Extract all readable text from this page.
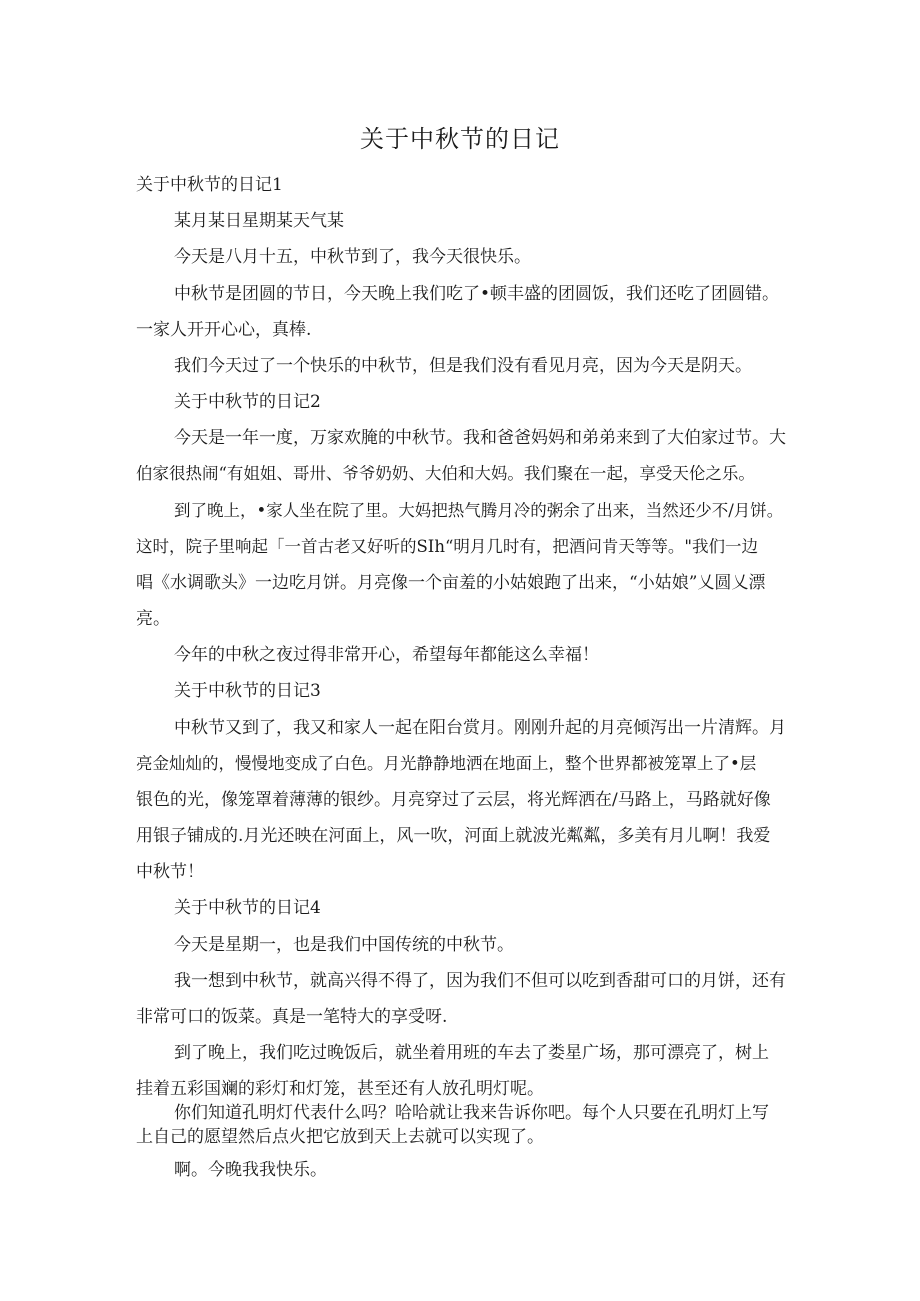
关于中秋节的日记

关于中秋节的日记1

某月某日星期某天气某

今天是八月十五，中秋节到了，我今天很快乐。

中秋节是团圆的节日，今天晚上我们吃了•顿丰盛的团圆饭，我们还吃了团圆错。

一家人开开心心，真棒.

我们今天过了一个快乐的中秋节，但是我们没有看见月亮，因为今天是阴天。

关于中秋节的日记2

今天是一年一度，万家欢腌的中秋节。我和爸爸妈妈和弟弟来到了大伯家过节。大

伯家很热闹“有姐姐、哥卅、爷爷奶奶、大伯和大妈。我们聚在一起，享受天伦之乐。

到了晚上，•家人坐在院了里。大妈把热气腾月冷的粥余了出来，当然还少不/月饼。

这时，院子里响起「一首古老又好听的SIh“明月几时有，把酒问肯天等等。"我们一边

唱《水调歌头》一边吃月饼。月亮像一个亩羞的小姑娘跑了出来，“小姑娘”乂圆乂漂

亮。

今年的中秋之夜过得非常开心，希望每年都能这么幸福！

关于中秋节的日记3

中秋节又到了，我又和家人一起在阳台赏月。刚刚升起的月亮倾泻出一片清辉。月

亮金灿灿的，慢慢地变成了白色。月光静静地洒在地面上，整个世界都被笼罩上了•层

银色的光，像笼罩着薄薄的银纱。月亮穿过了云层，将光辉洒在/马路上，马路就好像

用银子铺成的.月光还映在河面上，风一吹，河面上就波光粼粼，多美有月儿啊！我爱

中秋节！

关于中秋节的日记4

今天是星期一，也是我们中国传统的中秋节。

我一想到中秋节，就高兴得不得了，因为我们不但可以吃到香甜可口的月饼，还有

非常可口的饭菜。真是一笔特大的享受呀.

到了晚上，我们吃过晚饭后，就坐着用班的车去了娄星广场，那可漂亮了，树上

挂着五彩国斓的彩灯和灯笼，甚至还有人放孔明灯呢。

你们知道孔明灯代表什么吗？哈哈就让我来告诉你吧。每个人只要在孔明灯上写

上自己的愿望然后点火把它放到天上去就可以实现了。

啊。今晚我我快乐。
